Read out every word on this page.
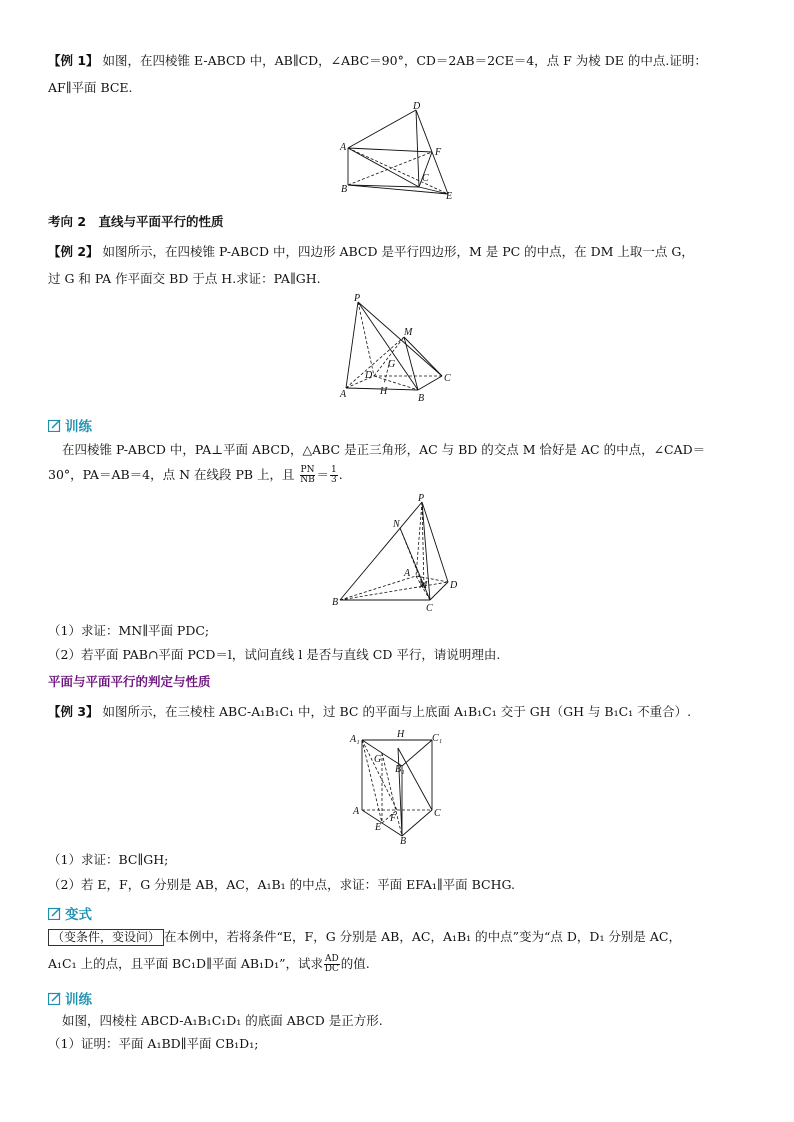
【例 1】 如图，在四棱锥 E-ABCD 中，AB∥CD，∠ABC＝90°，CD＝2AB＝2CE＝4，点 F 为棱 DE 的中点.证明：
AF∥平面 BCE.
D
A	F
C
B
E
考向 2　直线与平面平行的性质
【例 2】 如图所示，在四棱锥 P-ABCD 中，四边形 ABCD 是平行四边形，M 是 PC 的中点，在 DM 上取一点 G，
过 G 和 PA 作平面交 BD 于点 H.求证：PA∥GH.
P
M
G
D	C
A	H
B
训练
在四棱锥 P-ABCD 中，PA⊥平面 ABCD，△ABC 是正三角形，AC 与 BD 的交点 M 恰好是 AC 的中点，∠CAD＝
30°，PA＝AB＝4，点 N 在线段 PB 上，且 $\frac{PN}{NB} = \frac{1}{3}$ .
P
N
A
M D
B
C
（1）求证：MN∥平面 PDC;
（2）若平面 PAB∩平面 PCD＝l，试问直线 l 是否与直线 CD 平行，请说明理由.
平面与平面平行的判定与性质
【例 3】 如图所示，在三棱柱 ABC-A₁B₁C₁ 中，过 BC 的平面与上底面 A₁B₁C₁ 交于 GH（GH 与 B₁C₁ 不重合）.
A₁	H	C₁
G
B₁
A
F	C
E
B
（1）求证：BC∥GH;
（2）若 E，F，G 分别是 AB，AC，A₁B₁ 的中点，求证：平面 EFA₁∥平面 BCHG.
变式
（变条件，变设问） 在本例中，若将条件“E，F，G 分别是 AB，AC，A₁B₁ 的中点”变为“点 D，D₁ 分别是 AC，
A₁C₁ 上的点，且平面 BC₁D∥平面 AB₁D₁”，试求 $\frac{AD}{DC}$ 的值.
训练
如图，四棱柱 ABCD-A₁B₁C₁D₁ 的底面 ABCD 是正方形.
（1）证明：平面 A₁BD∥平面 CB₁D₁;
